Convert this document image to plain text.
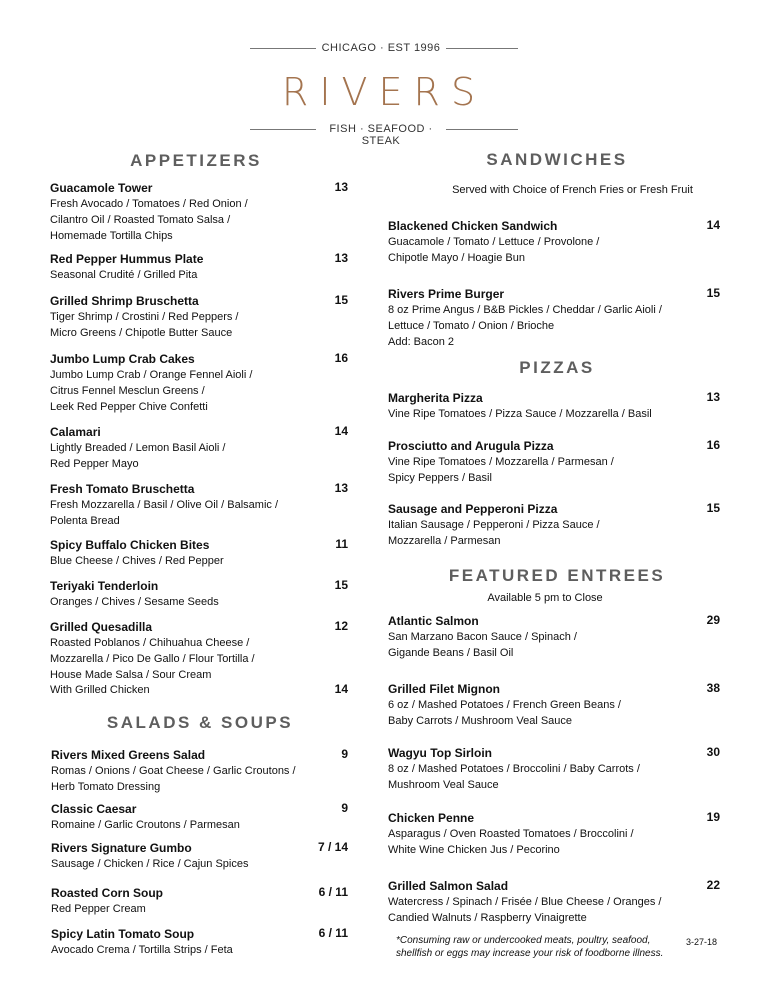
CHICAGO · EST 1996
RIVERS
FISH · SEAFOOD · STEAK
APPETIZERS
SALADS & SOUPS
SANDWICHES
Served with Choice of French Fries or Fresh Fruit
PIZZAS
FEATURED ENTREES
Available 5 pm to Close
*Consuming raw or undercooked meats, poultry, seafood,
shellfish or eggs may increase your risk of foodborne illness.
3-27-18
Guacamole Tower
Fresh Avocado / Tomatoes / Red Onion /
Cilantro Oil / Roasted Tomato Salsa /
Homemade Tortilla Chips
13
Red Pepper Hummus Plate
Seasonal Crudité / Grilled Pita
13
Grilled Shrimp Bruschetta
Tiger Shrimp / Crostini / Red Peppers /
Micro Greens / Chipotle Butter Sauce
15
Jumbo Lump Crab Cakes
Jumbo Lump Crab / Orange Fennel Aioli /
Citrus Fennel Mesclun Greens /
Leek Red Pepper Chive Confetti
16
Calamari
Lightly Breaded / Lemon Basil Aioli /
Red Pepper Mayo
14
Fresh Tomato Bruschetta
Fresh Mozzarella / Basil / Olive Oil / Balsamic /
Polenta Bread
13
Spicy Buffalo Chicken Bites
Blue Cheese / Chives / Red Pepper
11
Teriyaki Tenderloin
Oranges / Chives / Sesame Seeds
15
Grilled Quesadilla
Roasted Poblanos / Chihuahua Cheese /
Mozzarella / Pico De Gallo / Flour Tortilla /
House Made Salsa / Sour Cream
12
With Grilled Chicken	14
Rivers Mixed Greens Salad
Romas / Onions / Goat Cheese / Garlic Croutons /
Herb Tomato Dressing
9
Classic Caesar
Romaine / Garlic Croutons / Parmesan
9
Rivers Signature Gumbo
Sausage / Chicken / Rice / Cajun Spices
7 / 14
Roasted Corn Soup
Red Pepper Cream
6 / 11
Spicy Latin Tomato Soup
Avocado Crema / Tortilla Strips / Feta
6 / 11
Blackened Chicken Sandwich
Guacamole / Tomato / Lettuce / Provolone /
Chipotle Mayo / Hoagie Bun
14
Rivers Prime Burger
8 oz Prime Angus / B&B Pickles / Cheddar / Garlic Aioli /
Lettuce / Tomato / Onion / Brioche
Add: Bacon 2
15
Margherita Pizza
Vine Ripe Tomatoes / Pizza Sauce / Mozzarella / Basil
13
Prosciutto and Arugula Pizza
Vine Ripe Tomatoes / Mozzarella / Parmesan /
Spicy Peppers / Basil
16
Sausage and Pepperoni Pizza
Italian Sausage / Pepperoni / Pizza Sauce /
Mozzarella / Parmesan
15
Atlantic Salmon
San Marzano Bacon Sauce / Spinach /
Gigande Beans / Basil Oil
29
Grilled Filet Mignon
6 oz / Mashed Potatoes / French Green Beans /
Baby Carrots / Mushroom Veal Sauce
38
Wagyu Top Sirloin
8 oz / Mashed Potatoes / Broccolini / Baby Carrots /
Mushroom Veal Sauce
30
Chicken Penne
Asparagus / Oven Roasted Tomatoes / Broccolini /
White Wine Chicken Jus / Pecorino
19
Grilled Salmon Salad
Watercress / Spinach / Frisée / Blue Cheese / Oranges /
Candied Walnuts / Raspberry Vinaigrette
22
